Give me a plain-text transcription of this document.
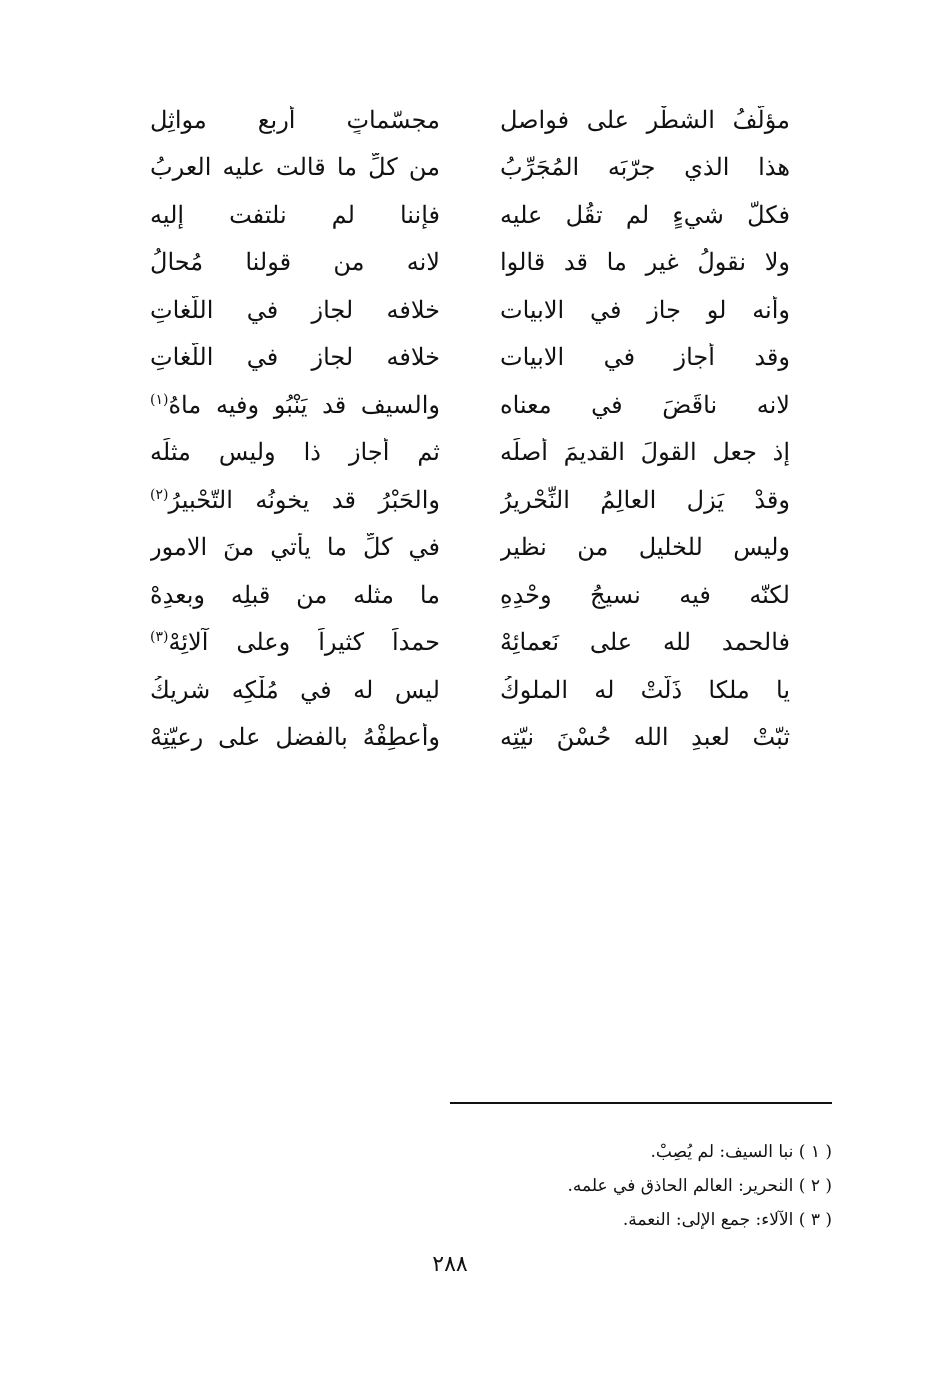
مؤلّفُ الشطْرِ على فواصلِ
مجسّماتٍ أربعٍ مواثِلِ
هذا الذي جرّبَه المُجَرِّبُ
من كلِّ ما قالت عليه العربُ
فكلُّ شيءٍ لم تقُل عليه
فإننا لم نلتفت إليه
ولا نقولُ غير ما قد قالوا
لانه من قولنا مُحالُ
وأنه لو جاز في الابيات
خلافه لجاز في اللّغاتِ
وقد أجاز في الابيات
خلافه لجاز في اللّغاتِ
لانه ناقَضَ في معناه
والسيف قد يَنْبُو وفيه ماهُ$^{(١)}$
إذ جعل القولَ القديمَ أصلَه
ثم أجاز ذا وليس مثلَه
وقدْ يَزِل العالِمُ النِّحْريرُ
والحَبْرُ قد يخونُه التّحْبيرُ$^{(٢)}$
وليس للخليل من نظيرِ
في كلِّ ما يأتي منَ الامورِ
لكنّه فيه نسيجُ وحْدِهِ
ما مثله من قبلِه وبعدِهْ
فالحمد لله على نَعمائِهْ
حمداً كثيراً وعلى آلائِهْ$^{(٣)}$
يا ملكا ذَلّتْ له الملوكُ
ليس له في مُلْكِه شريكُ
ثبّتْ لعبدِ الله حُسْنَ نيّتِه
وأعطِفْهُ بالفضلِ على رعيّتِهْ
( ١ ) نبا السيف: لم يُصِبْ.
( ٢ ) النحرير: العالم الحاذق في علمه.
( ٣ ) الآلاء: جمع الإلى: النعمة.
٢٨٨
